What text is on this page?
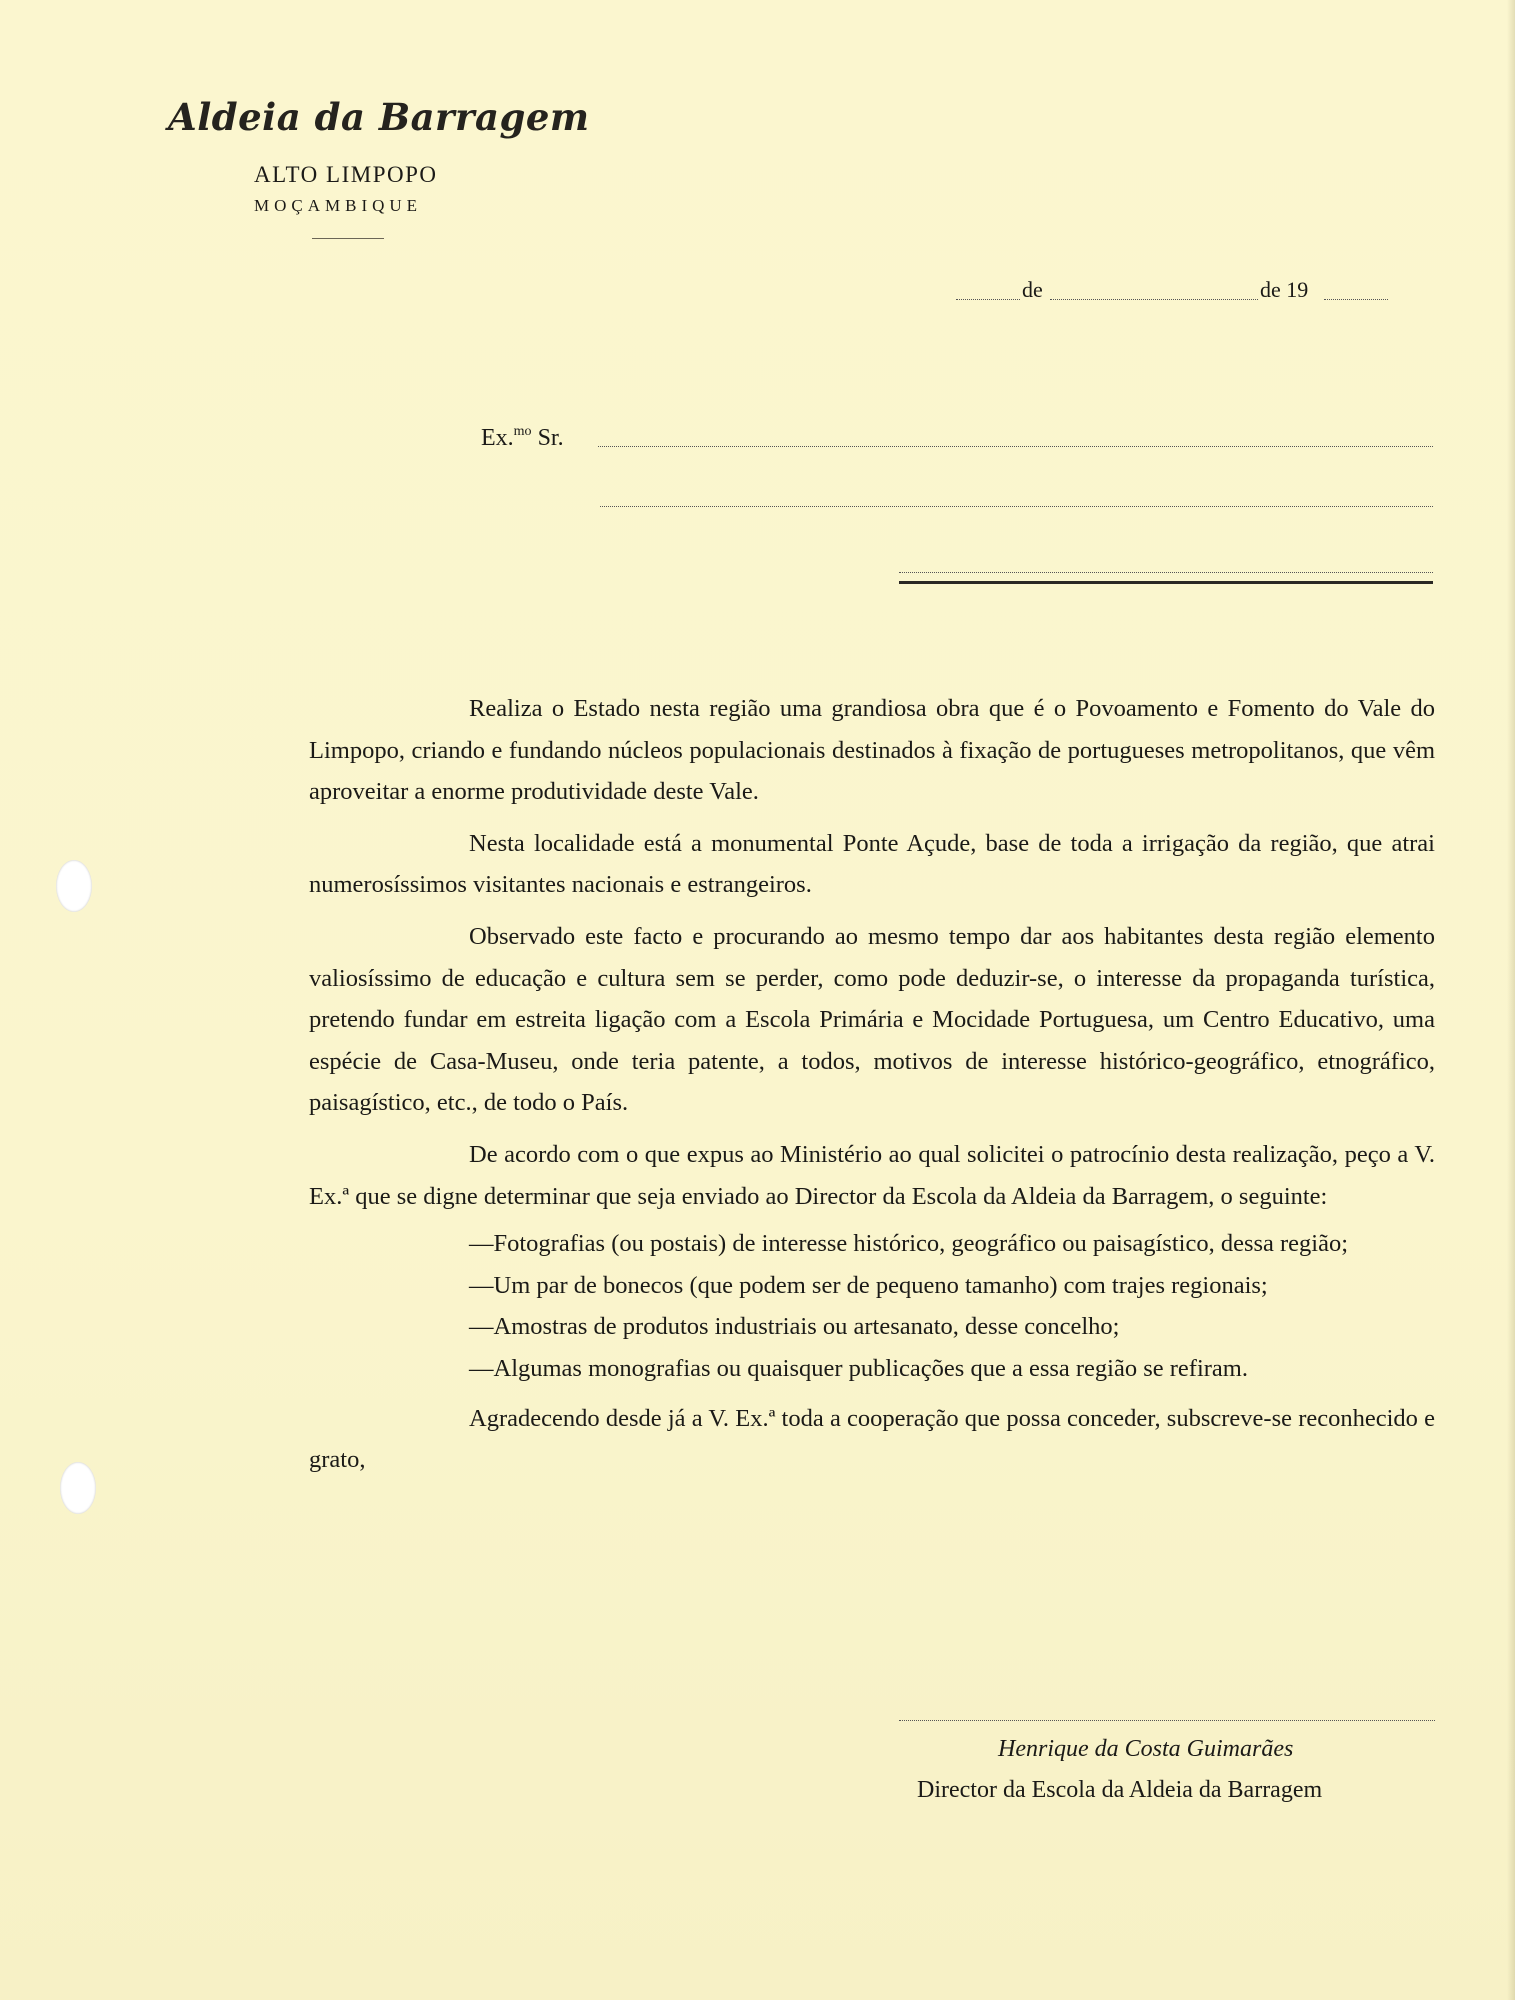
Aldeia da Barragem
ALTO LIMPOPO
MOÇAMBIQUE
de	de 19
Ex.$^{mo}$ Sr.

Realiza o Estado nesta região uma grandiosa obra que é o Povoamento e Fomento do Vale do Limpopo, criando e fundando núcleos populacionais destinados à fixação de portugueses metropolitanos, que vêm aproveitar a enorme produtividade deste Vale.

Nesta localidade está a monumental Ponte Açude, base de toda a irrigação da região, que atrai numerosíssimos visitantes nacionais e estrangeiros.

Observado este facto e procurando ao mesmo tempo dar aos habitantes desta região elemento valiosíssimo de educação e cultura sem se perder, como pode deduzir-se, o interesse da propaganda turística, pretendo fundar em estreita ligação com a Escola Primária e Mocidade Portuguesa, um Centro Educativo, uma espécie de Casa-Museu, onde teria patente, a todos, motivos de interesse histórico-geográfico, etnográfico, paisagístico, etc., de todo o País.

De acordo com o que expus ao Ministério ao qual solicitei o patrocínio desta realização, peço a V. Ex.ª que se digne determinar que seja enviado ao Director da Escola da Aldeia da Barragem, o seguinte:

—Fotografias (ou postais) de interesse histórico, geográfico ou paisagístico, dessa região;
—Um par de bonecos (que podem ser de pequeno tamanho) com trajes regionais;
—Amostras de produtos industriais ou artesanato, desse concelho;
—Algumas monografias ou quaisquer publicações que a essa região se refiram.

Agradecendo desde já a V. Ex.ª toda a cooperação que possa conceder, subscreve-se reconhecido e grato,

Henrique da Costa Guimarães
Director da Escola da Aldeia da Barragem
